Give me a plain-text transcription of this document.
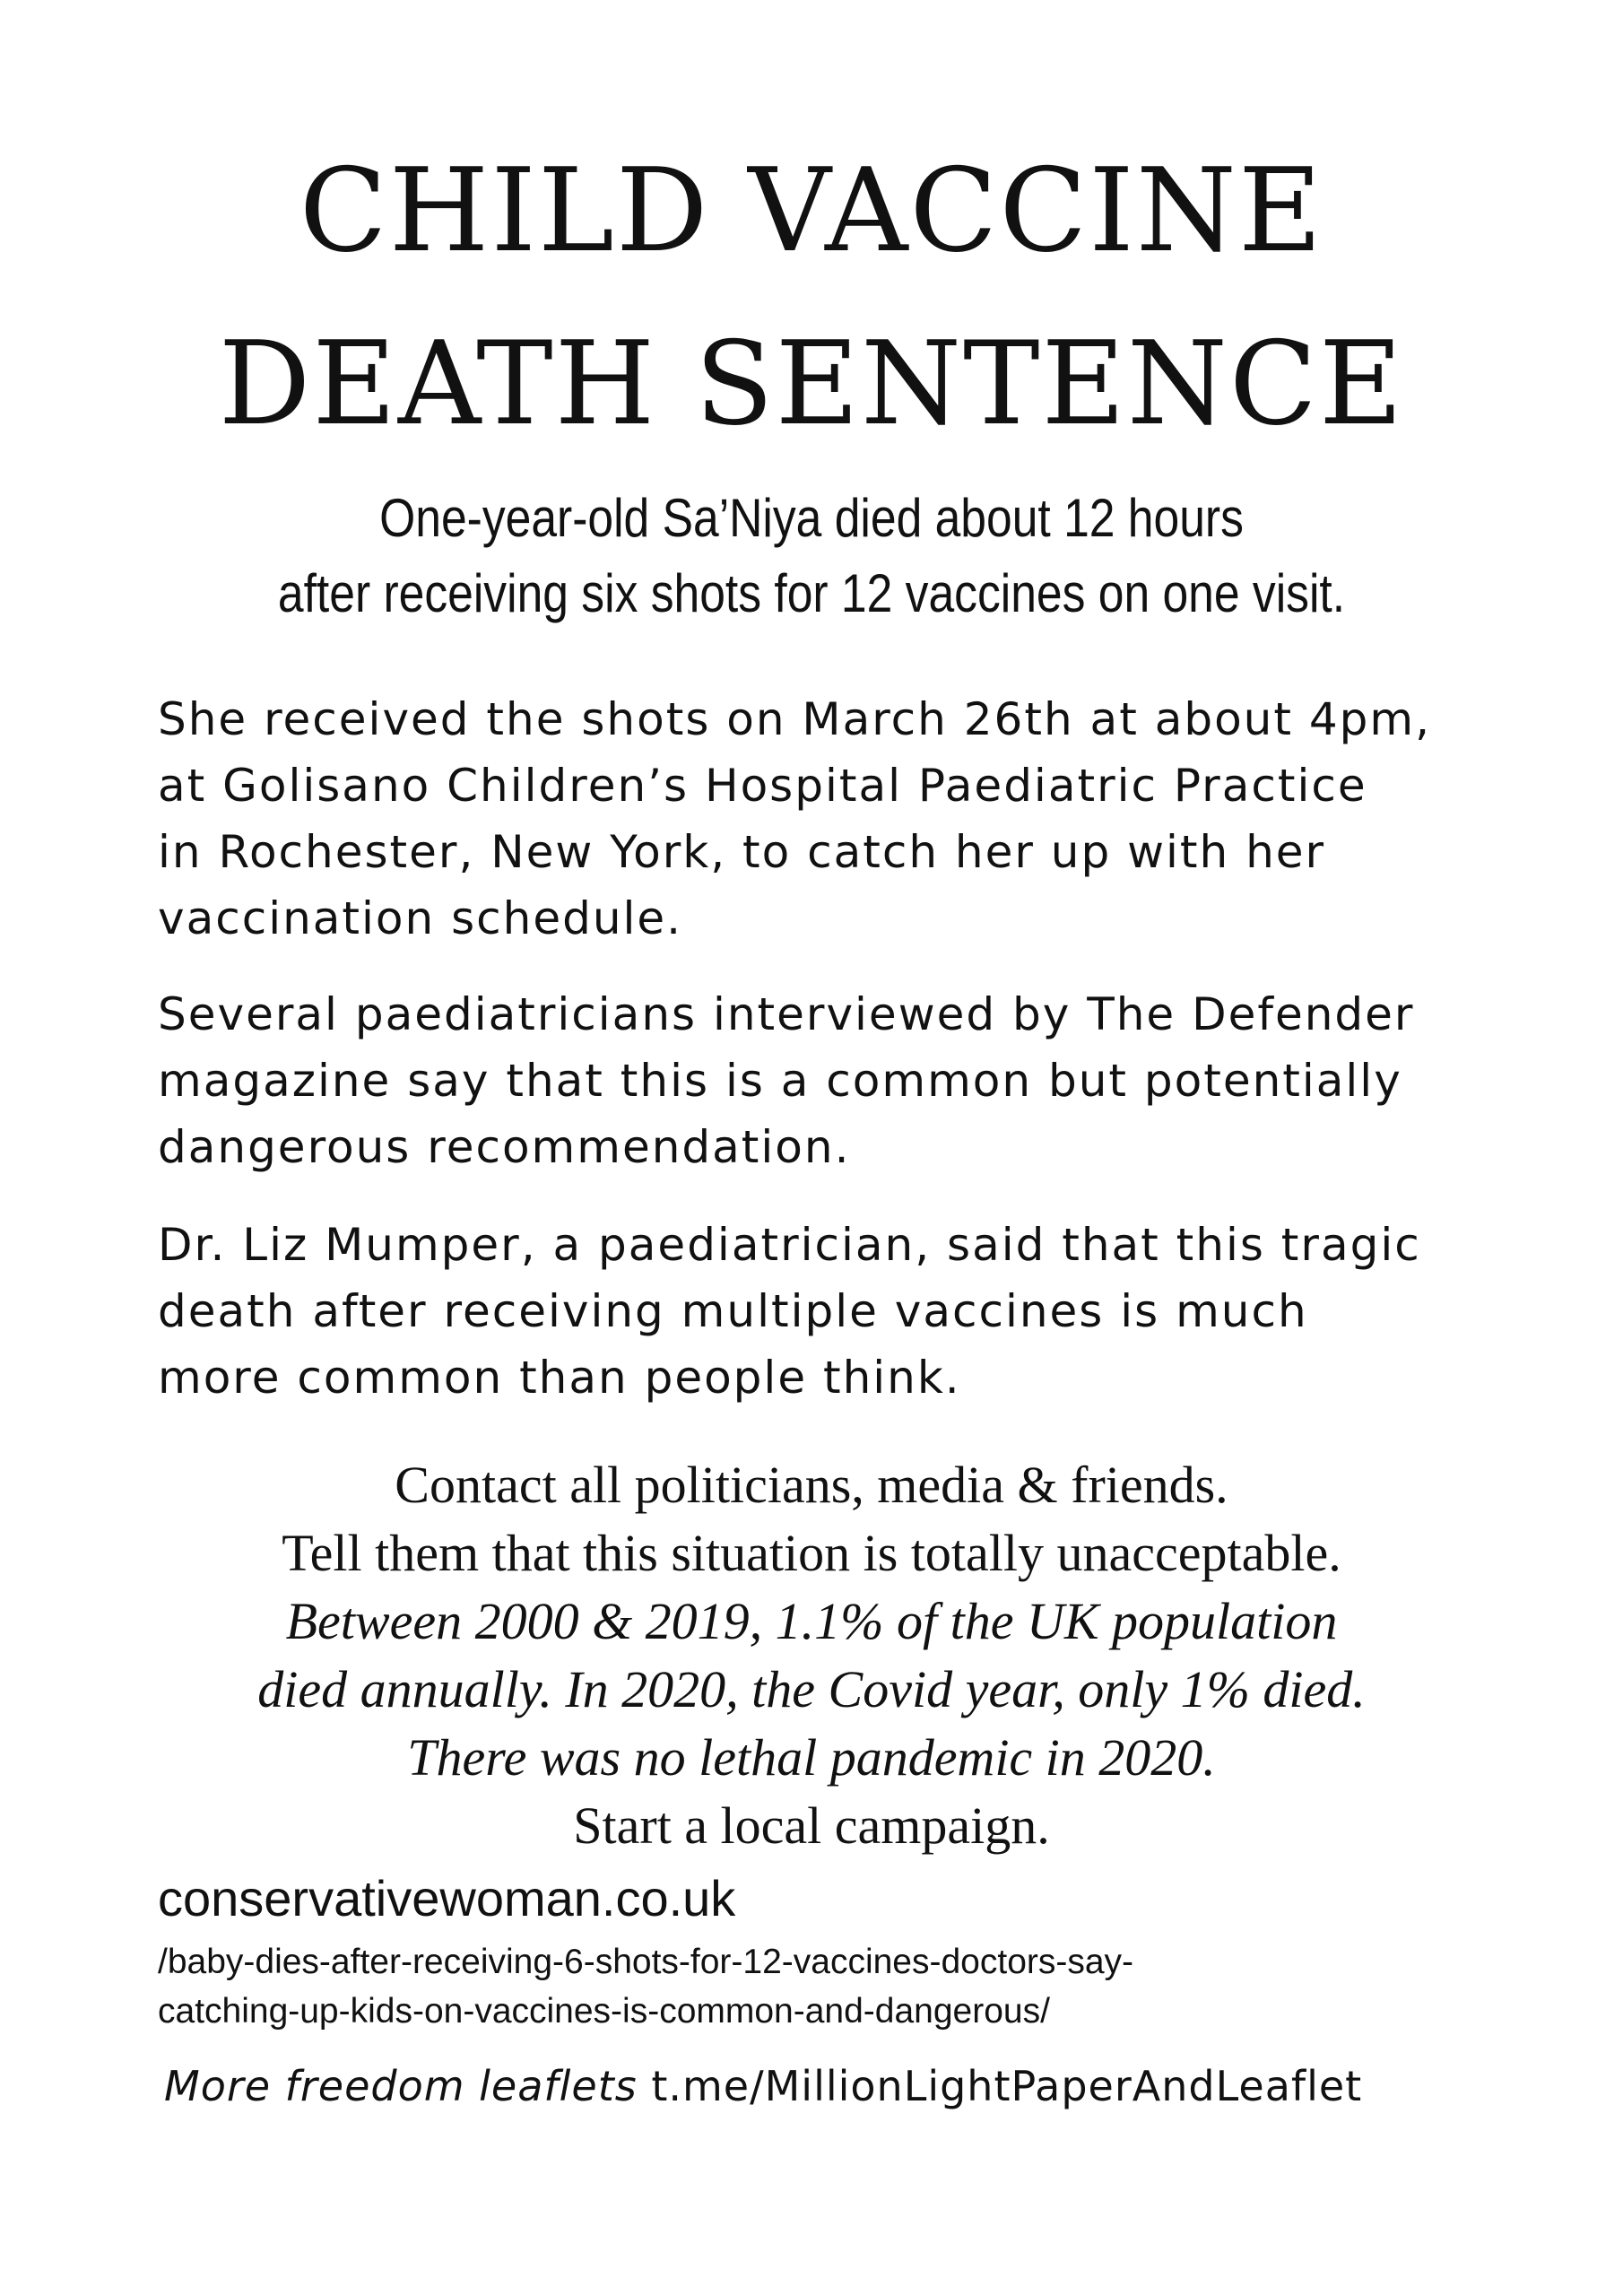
CHILD VACCINE
DEATH SENTENCE
One-year-old Sa’Niya died about 12 hours
after receiving six shots for 12 vaccines on one visit.
She received the shots on March 26th at about 4pm,
at Golisano Children’s Hospital Paediatric Practice
in Rochester, New York, to catch her up with her
vaccination schedule.
Several paediatricians interviewed by The Defender
magazine say that this is a common but potentially
dangerous recommendation.
Dr. Liz Mumper, a paediatrician, said that this tragic
death after receiving multiple vaccines is much
more common than people think.
Contact all politicians, media & friends.
Tell them that this situation is totally unacceptable.
Between 2000 & 2019, 1.1% of the UK population
died annually. In 2020, the Covid year, only 1% died.
There was no lethal pandemic in 2020.
Start a local campaign.
conservativewoman.co.uk
/baby-dies-after-receiving-6-shots-for-12-vaccines-doctors-say-
catching-up-kids-on-vaccines-is-common-and-dangerous/
More freedom leaflets t.me/MillionLightPaperAndLeaflet
